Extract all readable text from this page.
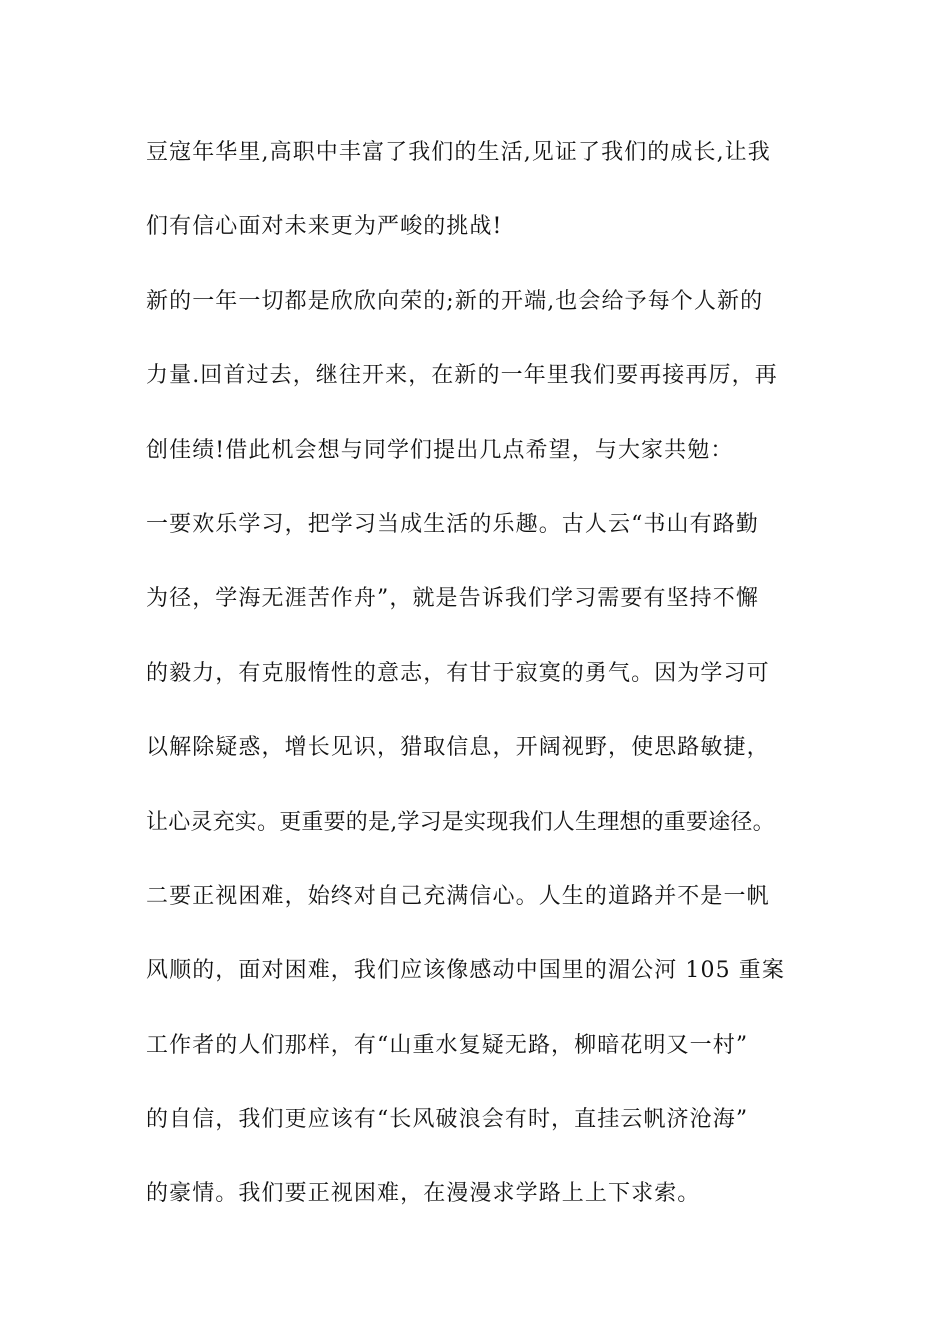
豆寇年华里,高职中丰富了我们的生活,见证了我们的成长,让我
们有信心面对未来更为严峻的挑战!
新的一年一切都是欣欣向荣的;新的开端,也会给予每个人新的
力量.回首过去，继往开来，在新的一年里我们要再接再厉，再
创佳绩!借此机会想与同学们提出几点希望，与大家共勉：
一要欢乐学习，把学习当成生活的乐趣。古人云“书山有路勤
为径，学海无涯苦作舟”，就是告诉我们学习需要有坚持不懈
的毅力，有克服惰性的意志，有甘于寂寞的勇气。因为学习可
以解除疑惑，增长见识，猎取信息，开阔视野，使思路敏捷，
让心灵充实。更重要的是,学习是实现我们人生理想的重要途径。
二要正视困难，始终对自己充满信心。人生的道路并不是一帆
风顺的，面对困难，我们应该像感动中国里的湄公河 105 重案
工作者的人们那样，有“山重水复疑无路，柳暗花明又一村”
的自信，我们更应该有“长风破浪会有时，直挂云帆济沧海”
的豪情。我们要正视困难，在漫漫求学路上上下求索。
